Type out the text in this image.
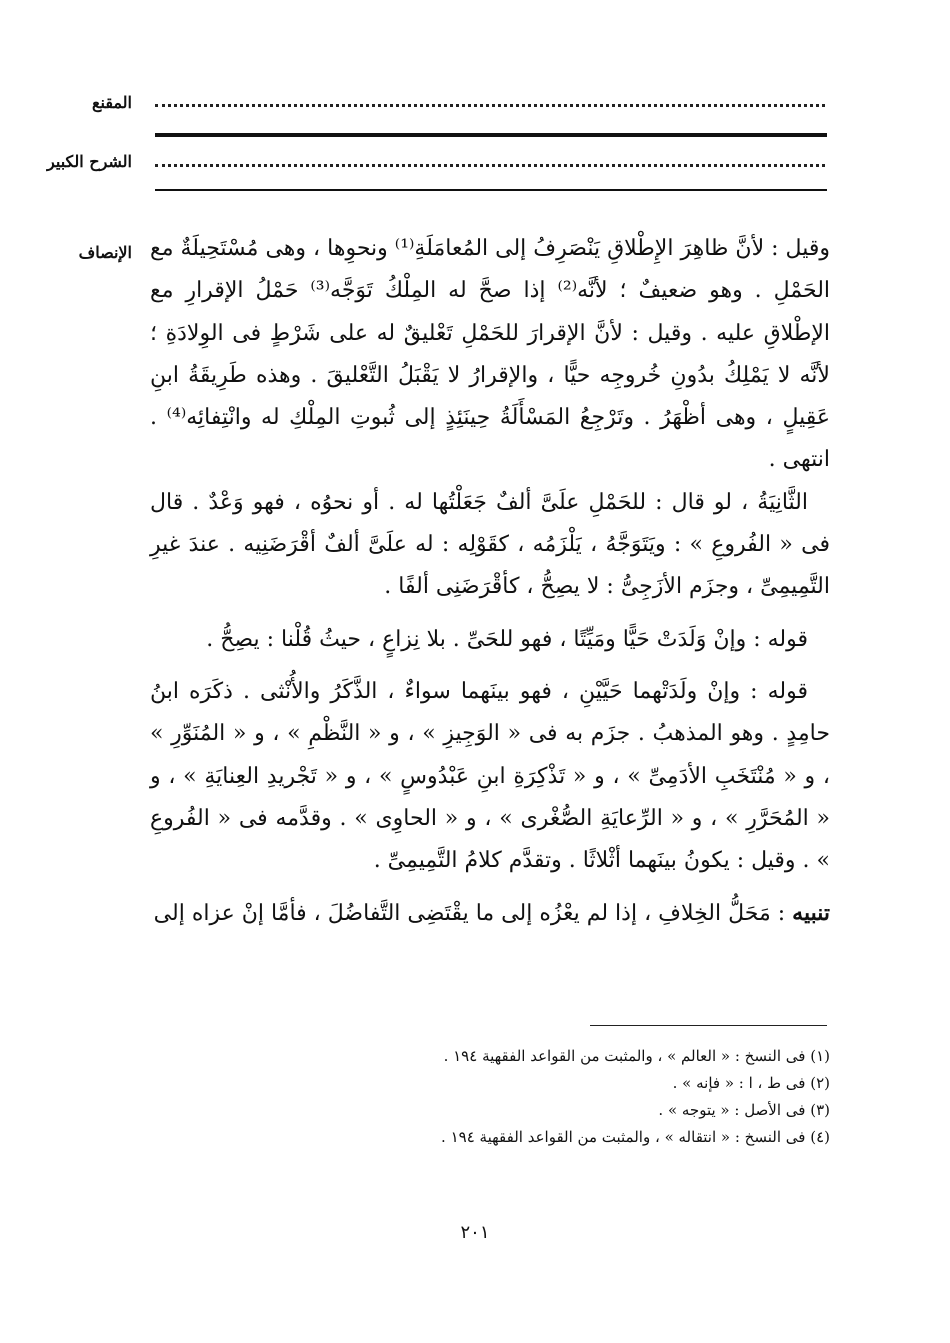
المقنع
الشرح الكبير
الإنصاف وقيل : لأنَّ ظاهِرَ الإِطْلاقِ يَنْصَرِفُ إلى المُعامَلَةِ⁽¹⁾ ونحوِها ، وهى مُسْتَحِيلَةٌ مع الحَمْلِ . وهو ضعيفٌ ؛ لأنَّه⁽²⁾ إذا صحَّ له المِلْكُ تَوَجَّه⁽³⁾ حَمْلُ الإقرارِ مع الإطْلاقِ عليه . وقيل : لأنَّ الإقرارَ للحَمْلِ تَعْليقٌ له على شَرْطٍ فى الوِلادَةِ ؛ لأنَّه لا يَمْلِكُ بدُونِ خُروجِه حيًّا ، والإقرارُ لا يَقْبَلُ التَّعْليقَ . وهذه طَرِيقَةُ ابنِ عَقِيلٍ ، وهى أظْهَرُ . وتَرْجِعُ المَسْأَلَةُ حِينَئِذٍ إلى ثُبوتِ المِلْكِ له وانْتِفائِه⁽⁴⁾ . انتهى .

الثَّانِيَةُ ، لو قال : للحَمْلِ علَىَّ ألفٌ جَعَلْتُها له . أو نحوُه ، فهو وَعْدٌ . قال فى « الفُروعِ » : ويَتَوَجَّهُ ، يَلْزَمُه ، كقَوْلِه : له علَىَّ ألفٌ أقْرَضَنِيه . عندَ غيرِ التَّمِيمِىِّ ، وجزَم الأزَجِىُّ : لا يصِحُّ ، كأقْرَضَنِى ألفًا .

قوله : وإنْ وَلَدَتْ حَيًّا ومَيِّتًا ، فهو للحَىِّ . بلا نِزاعٍ ، حيثُ قُلْنا : يصِحُّ .

قوله : وإنْ ولَدَتْهما حَيَّيْنِ ، فهو بينَهما سواءٌ ، الذَّكَرُ والأُنْثى . ذكَرَه ابنُ حامِدٍ . وهو المذهبُ . جزَم به فى « الوَجِيزِ » ، و « النَّظْمِ » ، و « المُنَوِّرِ » ، و « مُنْتَخَبِ الأدَمِىِّ » ، و « تَذْكِرَةِ ابنِ عَبْدُوسٍ » ، و « تَجْريدِ العِنايَةِ » ، و « المُحَرَّرِ » ، و « الرِّعايَةِ الصُّغْرى » ، و « الحاوِى » . وقدَّمه فى « الفُروعِ » . وقيل : يكونُ بينَهما أثْلاثًا . وتقدَّم كلامُ التَّمِيمِىِّ .

تنبيه : مَحَلُّ الخِلافِ ، إذا لم يعْزُه إلى ما يقْتَضِى التَّفاضُلَ ، فأمَّا إنْ عزاه إلى

(١) فى النسخ : « العالم » ، والمثبت من القواعد الفقهية ١٩٤ .
(٢) فى ط ، ا : « فإنه » .
(٣) فى الأصل : « يتوجه » .
(٤) فى النسخ : « انتقاله » ، والمثبت من القواعد الفقهية ١٩٤ .
٢٠١
